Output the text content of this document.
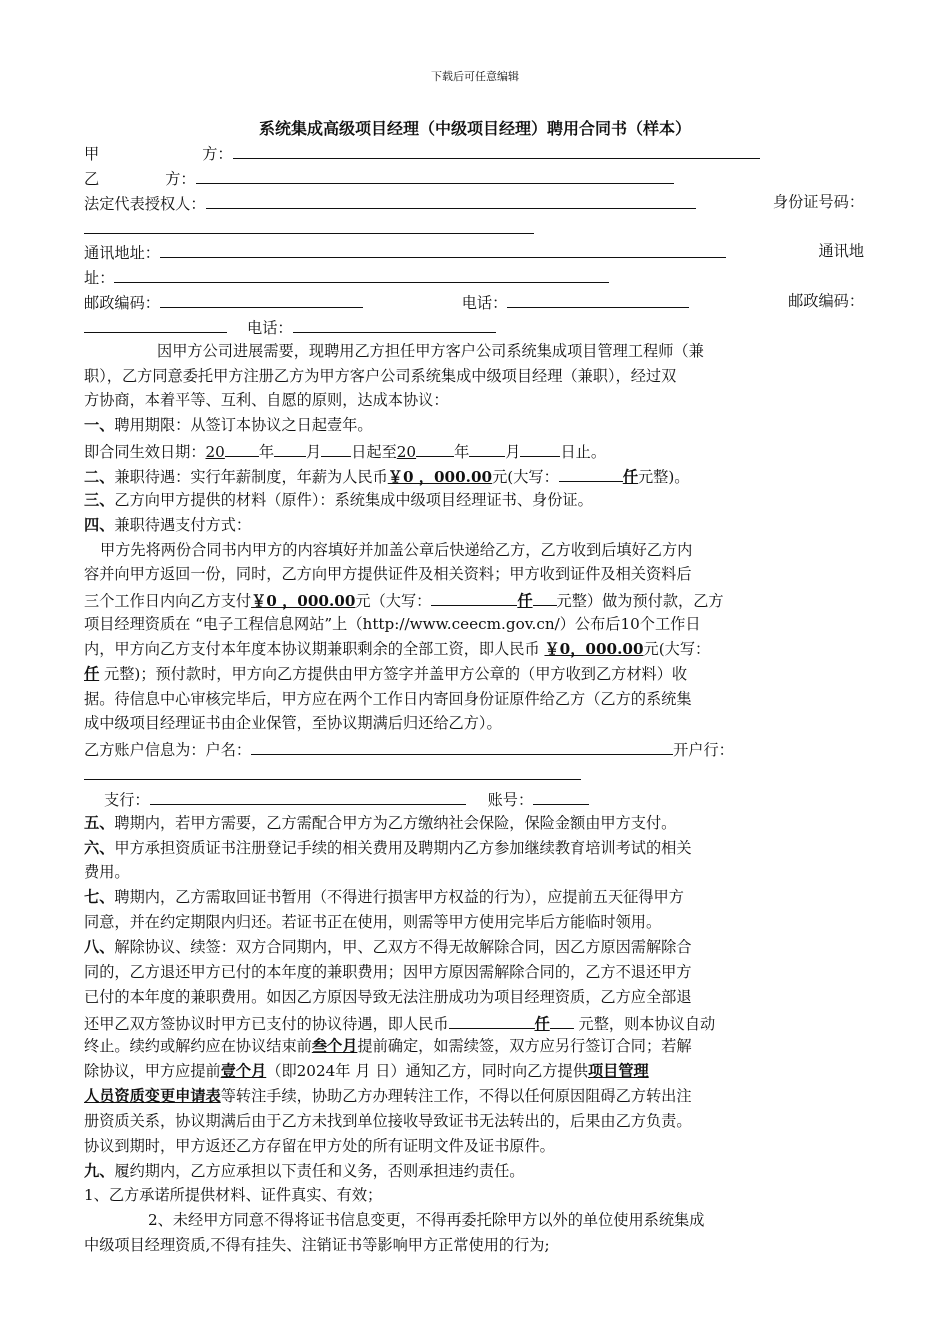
下载后可任意编辑
系统集成高级项目经理（中级项目经理）聘用合同书（样本）
甲	方：
乙	方：
法定代表授权人：	身份证号码：
通讯地址：	通讯地
址：
邮政编码：	电话：	邮政编码：
电话：
因甲方公司进展需要，现聘用乙方担任甲方客户公司系统集成项目管理工程师（兼
职），乙方同意委托甲方注册乙方为甲方客户公司系统集成中级项目经理（兼职），经过双
方协商，本着平等、互利、自愿的原则，达成本协议：
一、聘用期限：从签订本协议之日起壹年。
即合同生效日期：20 年 月 日起至20	年 月	日止。
二、兼职待遇：实行年薪制度，年薪为人民币￥0 ，000.00元(大写：	仟元整)。
三、乙方向甲方提供的材料（原件）：系统集成中级项目经理证书、身份证。
四、兼职待遇支付方式：
甲方先将两份合同书内甲方的内容填好并加盖公章后快递给乙方，乙方收到后填好乙方内
容并向甲方返回一份，同时，乙方向甲方提供证件及相关资料；甲方收到证件及相关资料后
三个工作日内向乙方支付￥0 ，000.00元（大写：	仟 元整）做为预付款，乙方
项目经理资质在 “电子工程信息网站”上（http://www.ceecm.gov.cn/）公布后10个工作日
内，甲方向乙方支付本年度本协议期兼职剩余的全部工资，即人民币 ￥0，000.00元(大写：
仟 元整)；预付款时，甲方向乙方提供由甲方签字并盖甲方公章的（甲方收到乙方材料）收
据。待信息中心审核完毕后，甲方应在两个工作日内寄回身份证原件给乙方（乙方的系统集
成中级项目经理证书由企业保管，至协议期满后归还给乙方）。
乙方账户信息为：户名：	开户行：
支行：	账号：
五、聘期内，若甲方需要，乙方需配合甲方为乙方缴纳社会保险，保险金额由甲方支付。
六、甲方承担资质证书注册登记手续的相关费用及聘期内乙方参加继续教育培训考试的相关
费用。
七、聘期内，乙方需取回证书暂用（不得进行损害甲方权益的行为），应提前五天征得甲方
同意，并在约定期限内归还。若证书正在使用，则需等甲方使用完毕后方能临时领用。
八、解除协议、续签：双方合同期内，甲、乙双方不得无故解除合同，因乙方原因需解除合
同的，乙方退还甲方已付的本年度的兼职费用；因甲方原因需解除合同的，乙方不退还甲方
已付的本年度的兼职费用。如因乙方原因导致无法注册成功为项目经理资质，乙方应全部退
还甲乙双方签协议时甲方已支付的协议待遇，即人民币	仟 元整，则本协议自动
终止。续约或解约应在协议结束前叁个月提前确定，如需续签，双方应另行签订合同；若解
除协议，甲方应提前壹个月（即2024年 月 日）通知乙方，同时向乙方提供项目管理
人员资质变更申请表等转注手续，协助乙方办理转注工作，不得以任何原因阻碍乙方转出注
册资质关系，协议期满后由于乙方未找到单位接收导致证书无法转出的，后果由乙方负责。
协议到期时，甲方返还乙方存留在甲方处的所有证明文件及证书原件。
九、履约期内，乙方应承担以下责任和义务，否则承担违约责任。
1、乙方承诺所提供材料、证件真实、有效；
2、未经甲方同意不得将证书信息变更，不得再委托除甲方以外的单位使用系统集成
中级项目经理资质,不得有挂失、注销证书等影响甲方正常使用的行为;
